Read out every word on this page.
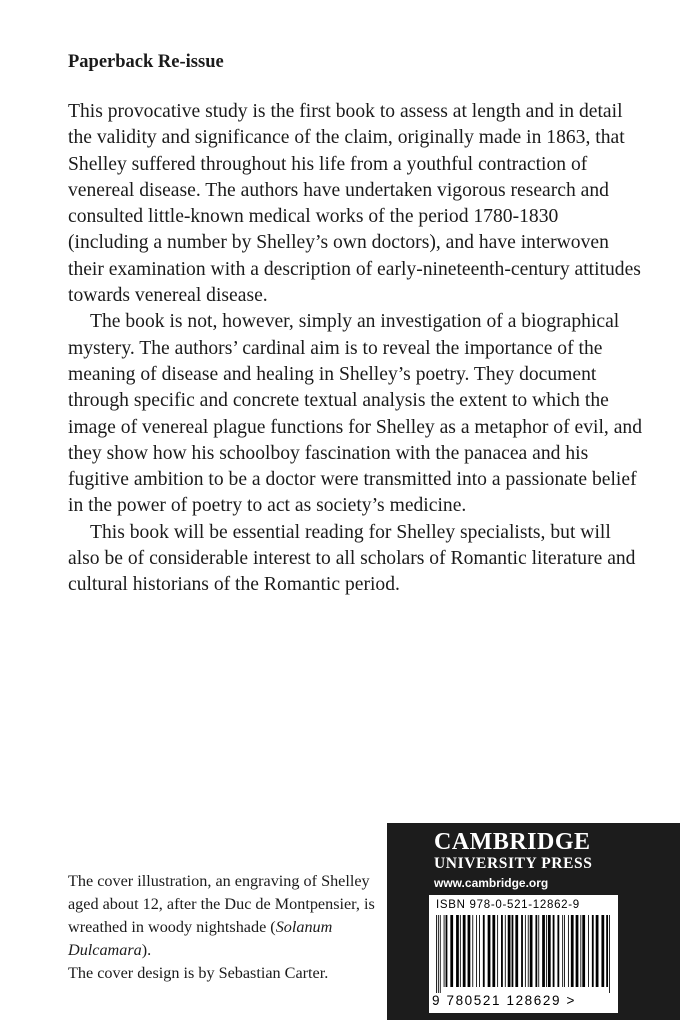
Paperback Re-issue

This provocative study is the first book to assess at length and in detail the validity and significance of the claim, originally made in 1863, that Shelley suffered throughout his life from a youthful contraction of venereal disease. The authors have undertaken vigorous research and consulted little-known medical works of the period 1780-1830 (including a number by Shelley’s own doctors), and have interwoven their examination with a description of early-nineteenth-century attitudes towards venereal disease.

The book is not, however, simply an investigation of a biographical mystery. The authors’ cardinal aim is to reveal the importance of the meaning of disease and healing in Shelley’s poetry. They document through specific and concrete textual analysis the extent to which the image of venereal plague functions for Shelley as a metaphor of evil, and they show how his schoolboy fascination with the panacea and his fugitive ambition to be a doctor were transmitted into a passionate belief in the power of poetry to act as society’s medicine.

This book will be essential reading for Shelley specialists, but will also be of considerable interest to all scholars of Romantic literature and cultural historians of the Romantic period.

The cover illustration, an engraving of Shelley aged about 12, after the Duc de Montpensier, is wreathed in woody nightshade (Solanum Dulcamara).

The cover design is by Sebastian Carter.

CAMBRIDGE
UNIVERSITY PRESS
www.cambridge.org
ISBN 978-0-521-12862-9
9 780521 128629 >
